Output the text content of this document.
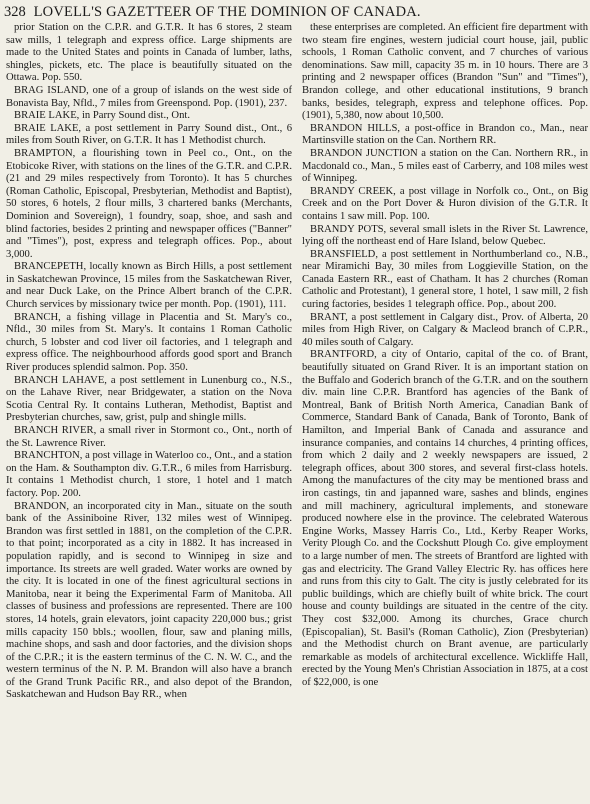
328 LOVELL'S GAZETTEER OF THE DOMINION OF CANADA.

prior Station on the C.P.R. and G.T.R. It has 6 stores, 2 steam saw mills, 1 telegraph and express office. Large shipments are made to the United States and points in Canada of lumber, laths, shingles, pickets, etc. The place is beautifully situated on the Ottawa. Pop. 550.

BRAG ISLAND, one of a group of islands on the west side of Bonavista Bay, Nfld., 7 miles from Greenspond. Pop. (1901), 237.

BRAIE LAKE, in Parry Sound dist., Ont.

BRAIE LAKE, a post settlement in Parry Sound dist., Ont., 6 miles from South River, on G.T.R. It has 1 Methodist church.

BRAMPTON, a flourishing town in Peel co., Ont., on the Etobicoke River, with stations on the lines of the G.T.R. and C.P.R. (21 and 29 miles respectively from Toronto). It has 5 churches (Roman Catholic, Episcopal, Presbyterian, Methodist and Baptist), 50 stores, 6 hotels, 2 flour mills, 3 chartered banks (Merchants, Dominion and Sovereign), 1 foundry, soap, shoe, and sash and blind factories, besides 2 printing and newspaper offices ("Banner" and "Times"), post, express and telegraph offices. Pop., about 3,000.

BRANCEPETH, locally known as Birch Hills, a post settlement in Saskatchewan Province, 15 miles from the Saskatchewan River, and near Duck Lake, on the Prince Albert branch of the C.P.R. Church services by missionary twice per month. Pop. (1901), 111.

BRANCH, a fishing village in Placentia and St. Mary's co., Nfld., 30 miles from St. Mary's. It contains 1 Roman Catholic church, 5 lobster and cod liver oil factories, and 1 telegraph and express office. The neighbourhood affords good sport and Branch River produces splendid salmon. Pop. 350.

BRANCH LAHAVE, a post settlement in Lunenburg co., N.S., on the Lahave River, near Bridgewater, a station on the Nova Scotia Central Ry. It contains Lutheran, Methodist, Baptist and Presbyterian churches, saw, grist, pulp and shingle mills.

BRANCH RIVER, a small river in Stormont co., Ont., north of the St. Lawrence River.

BRANCHTON, a post village in Waterloo co., Ont., and a station on the Ham. & Southampton div. G.T.R., 6 miles from Harrisburg. It contains 1 Methodist church, 1 store, 1 hotel and 1 match factory. Pop. 200.

BRANDON, an incorporated city in Man., situate on the south bank of the Assiniboine River, 132 miles west of Winnipeg. Brandon was first settled in 1881, on the completion of the C.P.R. to that point; incorporated as a city in 1882. It has increased in population rapidly, and is second to Winnipeg in size and importance. Its streets are well graded. Water works are owned by the city. It is located in one of the finest agricultural sections in Manitoba, near it being the Experimental Farm of Manitoba. All classes of business and professions are represented. There are 100 stores, 14 hotels, grain elevators, joint capacity 220,000 bus.; grist mills capacity 150 bbls.; woollen, flour, saw and planing mills, machine shops, and sash and door factories, and the division shops of the C.P.R.; it is the eastern terminus of the C. N. W. C., and the western terminus of the N. P. M. Brandon will also have a branch of the Grand Trunk Pacific RR., and also depot of the Brandon, Saskatchewan and Hudson Bay RR., when

these enterprises are completed. An efficient fire department with two steam fire engines, western judicial court house, jail, public schools, 1 Roman Catholic convent, and 7 churches of various denominations. Saw mill, capacity 35 m. in 10 hours. There are 3 printing and 2 newspaper offices (Brandon "Sun" and "Times"), Brandon college, and other educational institutions, 9 branch banks, besides, telegraph, express and telephone offices. Pop. (1901), 5,380, now about 10,500.

BRANDON HILLS, a post-office in Brandon co., Man., near Martinsville station on the Can. Northern RR.

BRANDON JUNCTION a station on the Can. Northern RR., in Macdonald co., Man., 5 miles east of Carberry, and 108 miles west of Winnipeg.

BRANDY CREEK, a post village in Norfolk co., Ont., on Big Creek and on the Port Dover & Huron division of the G.T.R. It contains 1 saw mill. Pop. 100.

BRANDY POTS, several small islets in the River St. Lawrence, lying off the northeast end of Hare Island, below Quebec.

BRANSFIELD, a post settlement in Northumberland co., N.B., near Miramichi Bay, 30 miles from Loggieville Station, on the Canada Eastern RR., east of Chatham. It has 2 churches (Roman Catholic and Protestant), 1 general store, 1 hotel, 1 saw mill, 2 fish curing factories, besides 1 telegraph office. Pop., about 200.

BRANT, a post settlement in Calgary dist., Prov. of Alberta, 20 miles from High River, on Calgary & Macleod branch of C.P.R., 40 miles south of Calgary.

BRANTFORD, a city of Ontario, capital of the co. of Brant, beautifully situated on Grand River. It is an important station on the Buffalo and Goderich branch of the G.T.R. and on the southern div. main line C.P.R. Brantford has agencies of the Bank of Montreal, Bank of British North America, Canadian Bank of Commerce, Standard Bank of Canada, Bank of Toronto, Bank of Hamilton, and Imperial Bank of Canada and assurance and insurance companies, and contains 14 churches, 4 printing offices, from which 2 daily and 2 weekly newspapers are issued, 2 telegraph offices, about 300 stores, and several first-class hotels. Among the manufactures of the city may be mentioned brass and iron castings, tin and japanned ware, sashes and blinds, engines and mill machinery, agricultural implements, and stoneware produced nowhere else in the province. The celebrated Waterous Engine Works, Massey Harris Co., Ltd., Kerby Reaper Works, Verity Plough Co. and the Cockshutt Plough Co. give employment to a large number of men. The streets of Brantford are lighted with gas and electricity. The Grand Valley Electric Ry. has offices here and runs from this city to Galt. The city is justly celebrated for its public buildings, which are chiefly built of white brick. The court house and county buildings are situated in the centre of the city. They cost $32,000. Among its churches, Grace church (Episcopalian), St. Basil's (Roman Catholic), Zion (Presbyterian) and the Methodist church on Brant avenue, are particularly remarkable as models of architectural excellence. Wickliffe Hall, erected by the Young Men's Christian Association in 1875, at a cost of $22,000, is one
